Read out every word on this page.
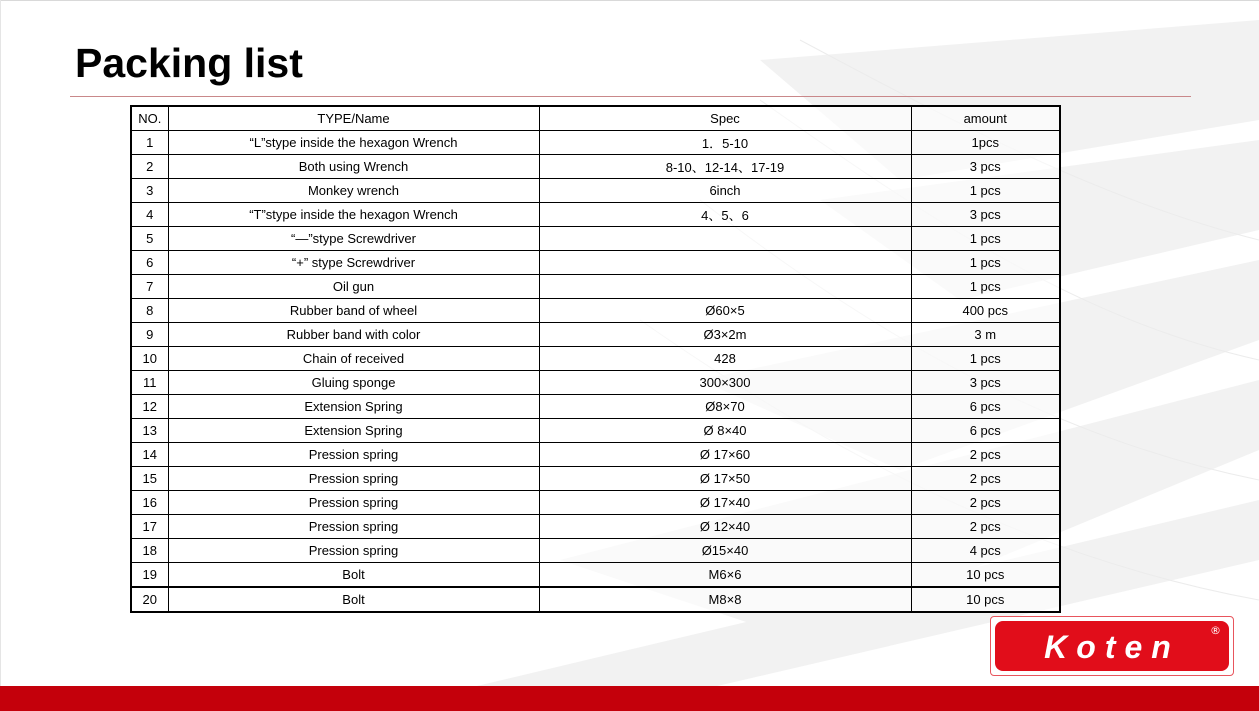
Packing list
NO.	TYPE/Name	Spec	amount
1	“L”stype inside the hexagon Wrench	1．5-10	1pcs
2	Both using Wrench	8-10、12-14、17-19	3 pcs
3	Monkey wrench	6inch	1 pcs
4	“T”stype inside the hexagon Wrench	4、5、6	3 pcs
5	“—”stype Screwdriver		1 pcs
6	“+” stype Screwdriver		1 pcs
7	Oil gun		1 pcs
8	Rubber band of wheel	Ø60×5	400 pcs
9	Rubber band with color	Ø3×2m	3 m
10	Chain of received	428	1 pcs
11	Gluing sponge	300×300	3 pcs
12	Extension Spring	Ø8×70	6 pcs
13	Extension Spring	Ø 8×40	6 pcs
14	Pression spring	Ø 17×60	2 pcs
15	Pression spring	Ø 17×50	2 pcs
16	Pression spring	Ø 17×40	2 pcs
17	Pression spring	Ø 12×40	2 pcs
18	Pression spring	Ø15×40	4 pcs
19	Bolt	M6×6	10 pcs
20	Bolt	M8×8	10 pcs
Koten	®
